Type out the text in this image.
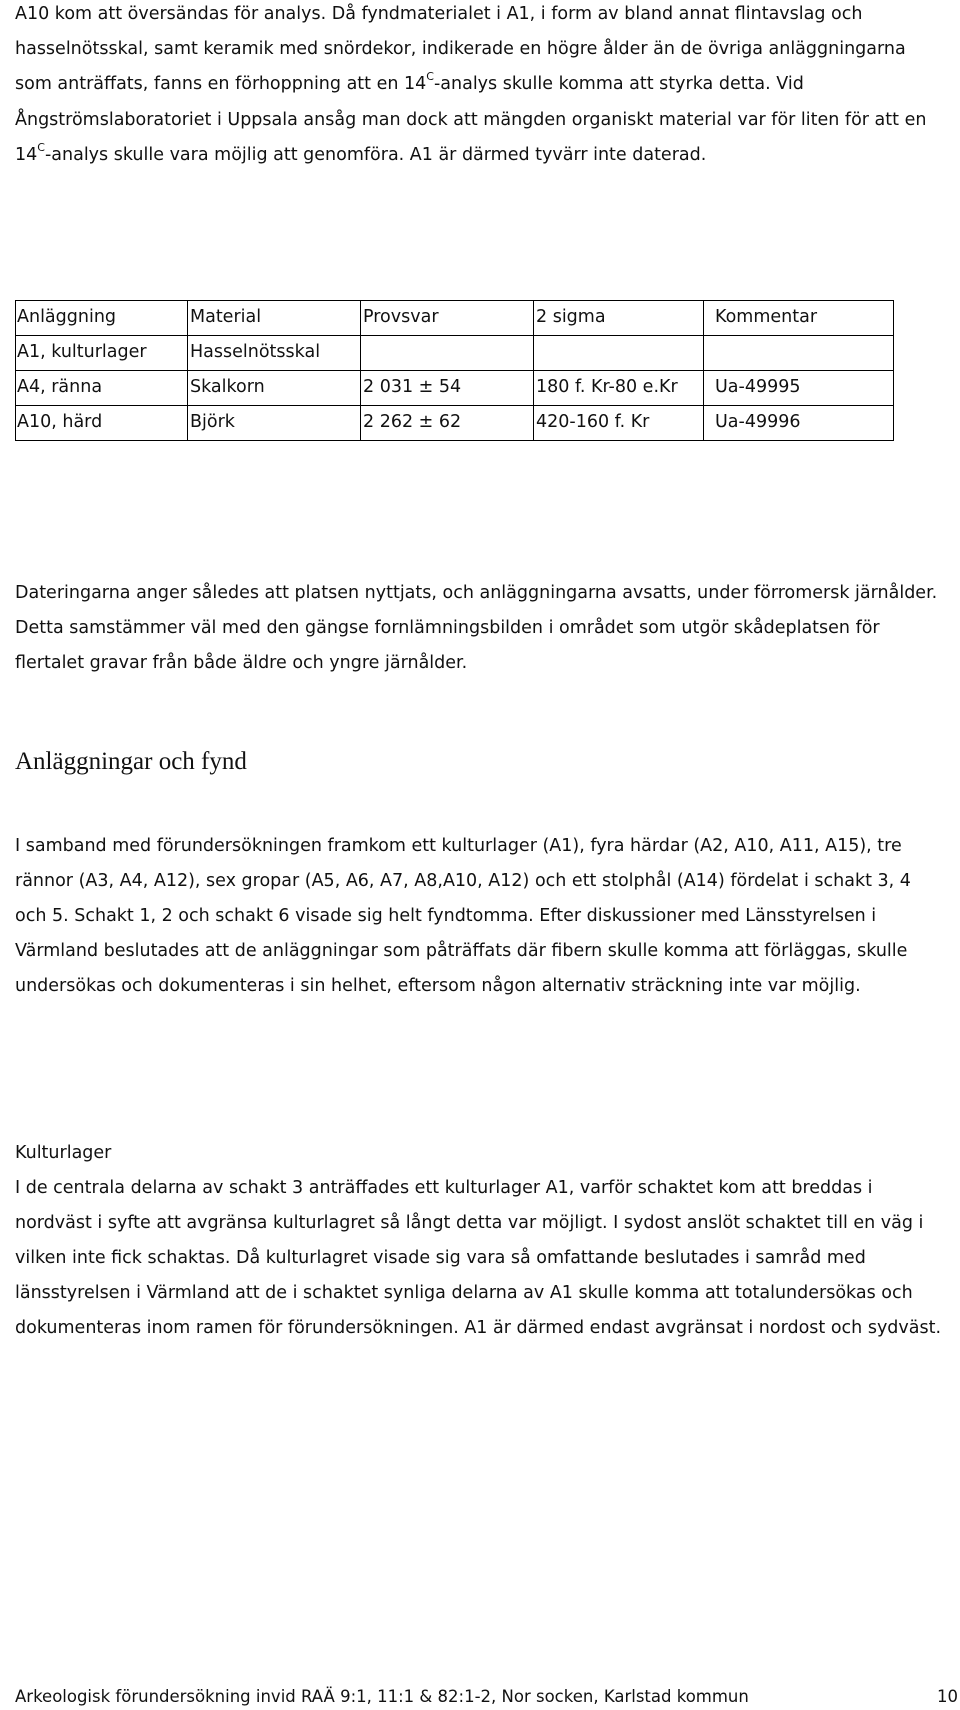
A10 kom att översändas för analys. Då fyndmaterialet i A1, i form av bland annat flintavslag och hasselnötsskal, samt keramik med snördekor, indikerade en högre ålder än de övriga anläggningarna som anträffats, fanns en förhoppning att en $14^C$-analys skulle komma att styrka detta. Vid Ångströmslaboratoriet i Uppsala ansåg man dock att mängden organiskt material var för liten för att en $14^C$-analys skulle vara möjlig att genomföra. A1 är därmed tyvärr inte daterad.

Anläggning	Material	Provsvar	2 sigma	Kommentar
A1, kulturlager	Hasselnötsskal			
A4, ränna	Skalkorn	2 031 ± 54	180 f. Kr-80 e.Kr	Ua-49995
A10, härd	Björk	2 262 ± 62	420-160 f. Kr	Ua-49996

Dateringarna anger således att platsen nyttjats, och anläggningarna avsatts, under förromersk järnålder. Detta samstämmer väl med den gängse fornlämningsbilden i området som utgör skådeplatsen för flertalet gravar från både äldre och yngre järnålder.

Anläggningar och fynd

I samband med förundersökningen framkom ett kulturlager (A1), fyra härdar (A2, A10, A11, A15), tre rännor (A3, A4, A12), sex gropar (A5, A6, A7, A8,A10, A12) och ett stolphål (A14) fördelat i schakt 3, 4 och 5. Schakt 1, 2 och schakt 6 visade sig helt fyndtomma. Efter diskussioner med Länsstyrelsen i Värmland beslutades att de anläggningar som påträffats där fibern skulle komma att förläggas, skulle undersökas och dokumenteras i sin helhet, eftersom någon alternativ sträckning inte var möjlig.

Kulturlager

I de centrala delarna av schakt 3 anträffades ett kulturlager A1, varför schaktet kom att breddas i nordväst i syfte att avgränsa kulturlagret så långt detta var möjligt. I sydost anslöt schaktet till en väg i vilken inte fick schaktas. Då kulturlagret visade sig vara så omfattande beslutades i samråd med länsstyrelsen i Värmland att de i schaktet synliga delarna av A1 skulle komma att totalundersökas och dokumenteras inom ramen för förundersökningen. A1 är därmed endast avgränsat i nordost och sydväst.

Arkeologisk förundersökning invid RAÄ 9:1, 11:1 & 82:1-2, Nor socken, Karlstad kommun	10
